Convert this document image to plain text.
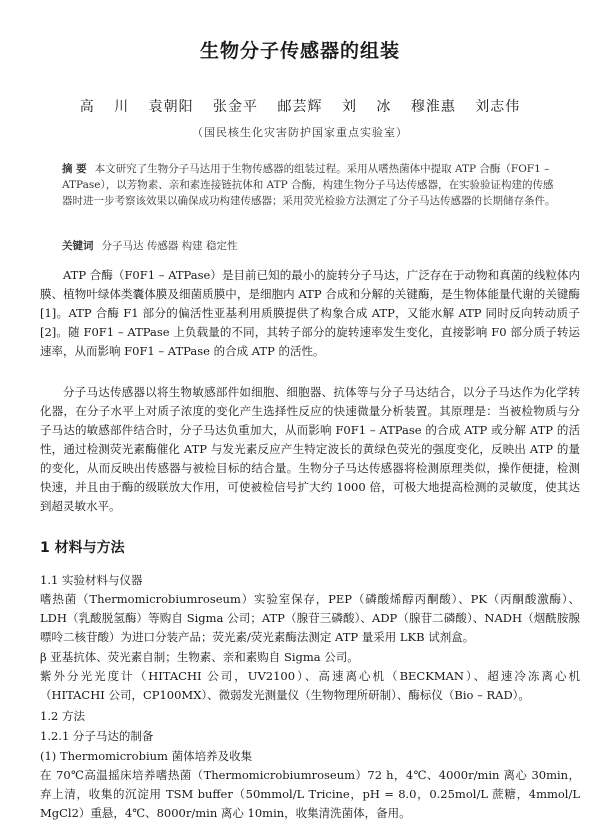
生物分子传感器的组装
高 川 袁朝阳 张金平 邮芸辉 刘 冰 穆淮惠 刘志伟
（国民核生化灾害防护国家重点实验室）
摘 要 本文研究了生物分子马达用于生物传感器的组装过程。采用从嗜热菌体中提取 ATP 合酶（FOF1 – ATPase），以芳物素、亲和素连接链抗体和 ATP 合酶，构建生物分子马达传感器，在实验验证构建的传感器时进一步考察该效果以确保成功构建传感器；采用荧光检验方法测定了分子马达传感器的长期储存条件。
关键词 分子马达 传感器 构建 稳定性
ATP 合酶（F0F1 – ATPase）是目前已知的最小的旋转分子马达，广泛存在于动物和真菌的线粒体内膜、植物叶绿体类囊体膜及细菌质膜中，是细胞内 ATP 合成和分解的关键酶，是生物体能量代谢的关键酶 [1]。ATP 合酶 F1 部分的偏活性亚基利用质膜提供了构象合成 ATP，又能水解 ATP 同时反向转动质子 [2]。随 F0F1 – ATPase 上负载量的不同，其转子部分的旋转速率发生变化，直接影响 F0 部分质子转运速率，从而影响 F0F1 – ATPase 的合成 ATP 的活性。
分子马达传感器以将生物敏感部件如细胞、细胞器、抗体等与分子马达结合，以分子马达作为化学转化器，在分子水平上对质子浓度的变化产生选择性反应的快速微量分析装置。其原理是：当被检物质与分子马达的敏感部件结合时，分子马达负重加大，从而影响 F0F1 – ATPase 的合成 ATP 或分解 ATP 的活性，通过检测荧光素酶催化 ATP 与发光素反应产生特定波长的黄绿色荧光的强度变化，反映出 ATP 的量的变化，从而反映出传感器与被检目标的结合量。生物分子马达传感器将检测原理类似，操作便捷，检测快速，并且由于酶的级联放大作用，可使被检信号扩大约 1000 倍，可极大地提高检测的灵敏度，使其达到超灵敏水平。
1 材料与方法
1.1 实验材料与仪器
嗜热菌（Thermomicrobiumroseum）实验室保存，PEP（磷酸烯醇丙酮酸）、PK（丙酮酸激酶）、LDH（乳酸脱氢酶）等购自 Sigma 公司；ATP（腺苷三磷酸）、ADP（腺苷二磷酸）、NADH（烟酰胺腺嘌呤二核苷酸）为进口分装产品；荧光素/荧光素酶法测定 ATP 量采用 LKB 试剂盒。
β 亚基抗体、荧光素自制；生物素、亲和素购自 Sigma 公司。
紫外分光光度计（HITACHI 公司，UV2100）、高速离心机（BECKMAN）、超速冷冻离心机（HITACHI 公司，CP100MX）、微弱发光测量仪（生物物理所研制）、酶标仪（Bio – RAD）。
1.2 方法
1.2.1 分子马达的制备
(1) Thermomicrobium 菌体培养及收集
在 70℃高温摇床培养嗜热菌（Thermomicrobiumroseum）72 h，4℃、4000r/min 离心 30min，弃上清，收集的沉淀用 TSM buffer（50mmol/L Tricine，pH = 8.0，0.25mol/L 蔗糖，4mmol/L MgCl2）重悬，4℃、8000r/min 离心 10min，收集清洗菌体，备用。
